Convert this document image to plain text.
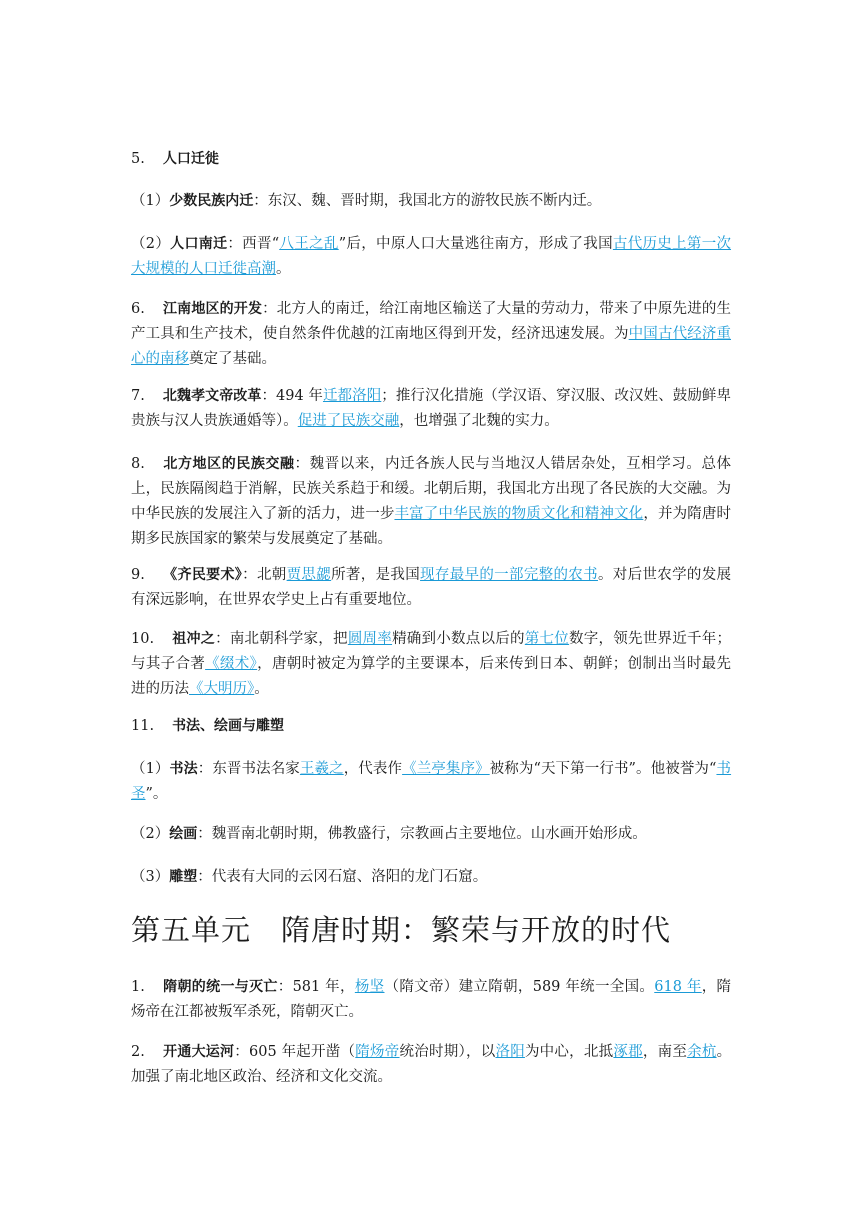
5. 人口迁徙
（1）少数民族内迁：东汉、魏、晋时期，我国北方的游牧民族不断内迁。
（2）人口南迁：西晋“八王之乱”后，中原人口大量逃往南方，形成了我国古代历史上第一次大规模的人口迁徙高潮。
6. 江南地区的开发：北方人的南迁，给江南地区输送了大量的劳动力，带来了中原先进的生产工具和生产技术，使自然条件优越的江南地区得到开发，经济迅速发展。为中国古代经济重心的南移奠定了基础。
7. 北魏孝文帝改革：494 年迁都洛阳；推行汉化措施（学汉语、穿汉服、改汉姓、鼓励鲜卑贵族与汉人贵族通婚等）。促进了民族交融，也增强了北魏的实力。
8. 北方地区的民族交融：魏晋以来，内迁各族人民与当地汉人错居杂处，互相学习。总体上，民族隔阂趋于消解，民族关系趋于和缓。北朝后期，我国北方出现了各民族的大交融。为中华民族的发展注入了新的活力，进一步丰富了中华民族的物质文化和精神文化，并为隋唐时期多民族国家的繁荣与发展奠定了基础。
9. 《齐民要术》：北朝贾思勰所著，是我国现存最早的一部完整的农书。对后世农学的发展有深远影响，在世界农学史上占有重要地位。
10. 祖冲之：南北朝科学家，把圆周率精确到小数点以后的第七位数字，领先世界近千年；与其子合著《缀术》，唐朝时被定为算学的主要课本，后来传到日本、朝鲜；创制出当时最先进的历法《大明历》。
11. 书法、绘画与雕塑
（1）书法：东晋书法名家王羲之，代表作《兰亭集序》被称为“天下第一行书”。他被誉为“书圣”。
（2）绘画：魏晋南北朝时期，佛教盛行，宗教画占主要地位。山水画开始形成。
（3）雕塑：代表有大同的云冈石窟、洛阳的龙门石窟。
第五单元　隋唐时期：繁荣与开放的时代
1. 隋朝的统一与灭亡：581 年，杨坚（隋文帝）建立隋朝，589 年统一全国。618 年，隋炀帝在江都被叛军杀死，隋朝灭亡。
2. 开通大运河：605 年起开凿（隋炀帝统治时期），以洛阳为中心，北抵涿郡，南至余杭。加强了南北地区政治、经济和文化交流。
